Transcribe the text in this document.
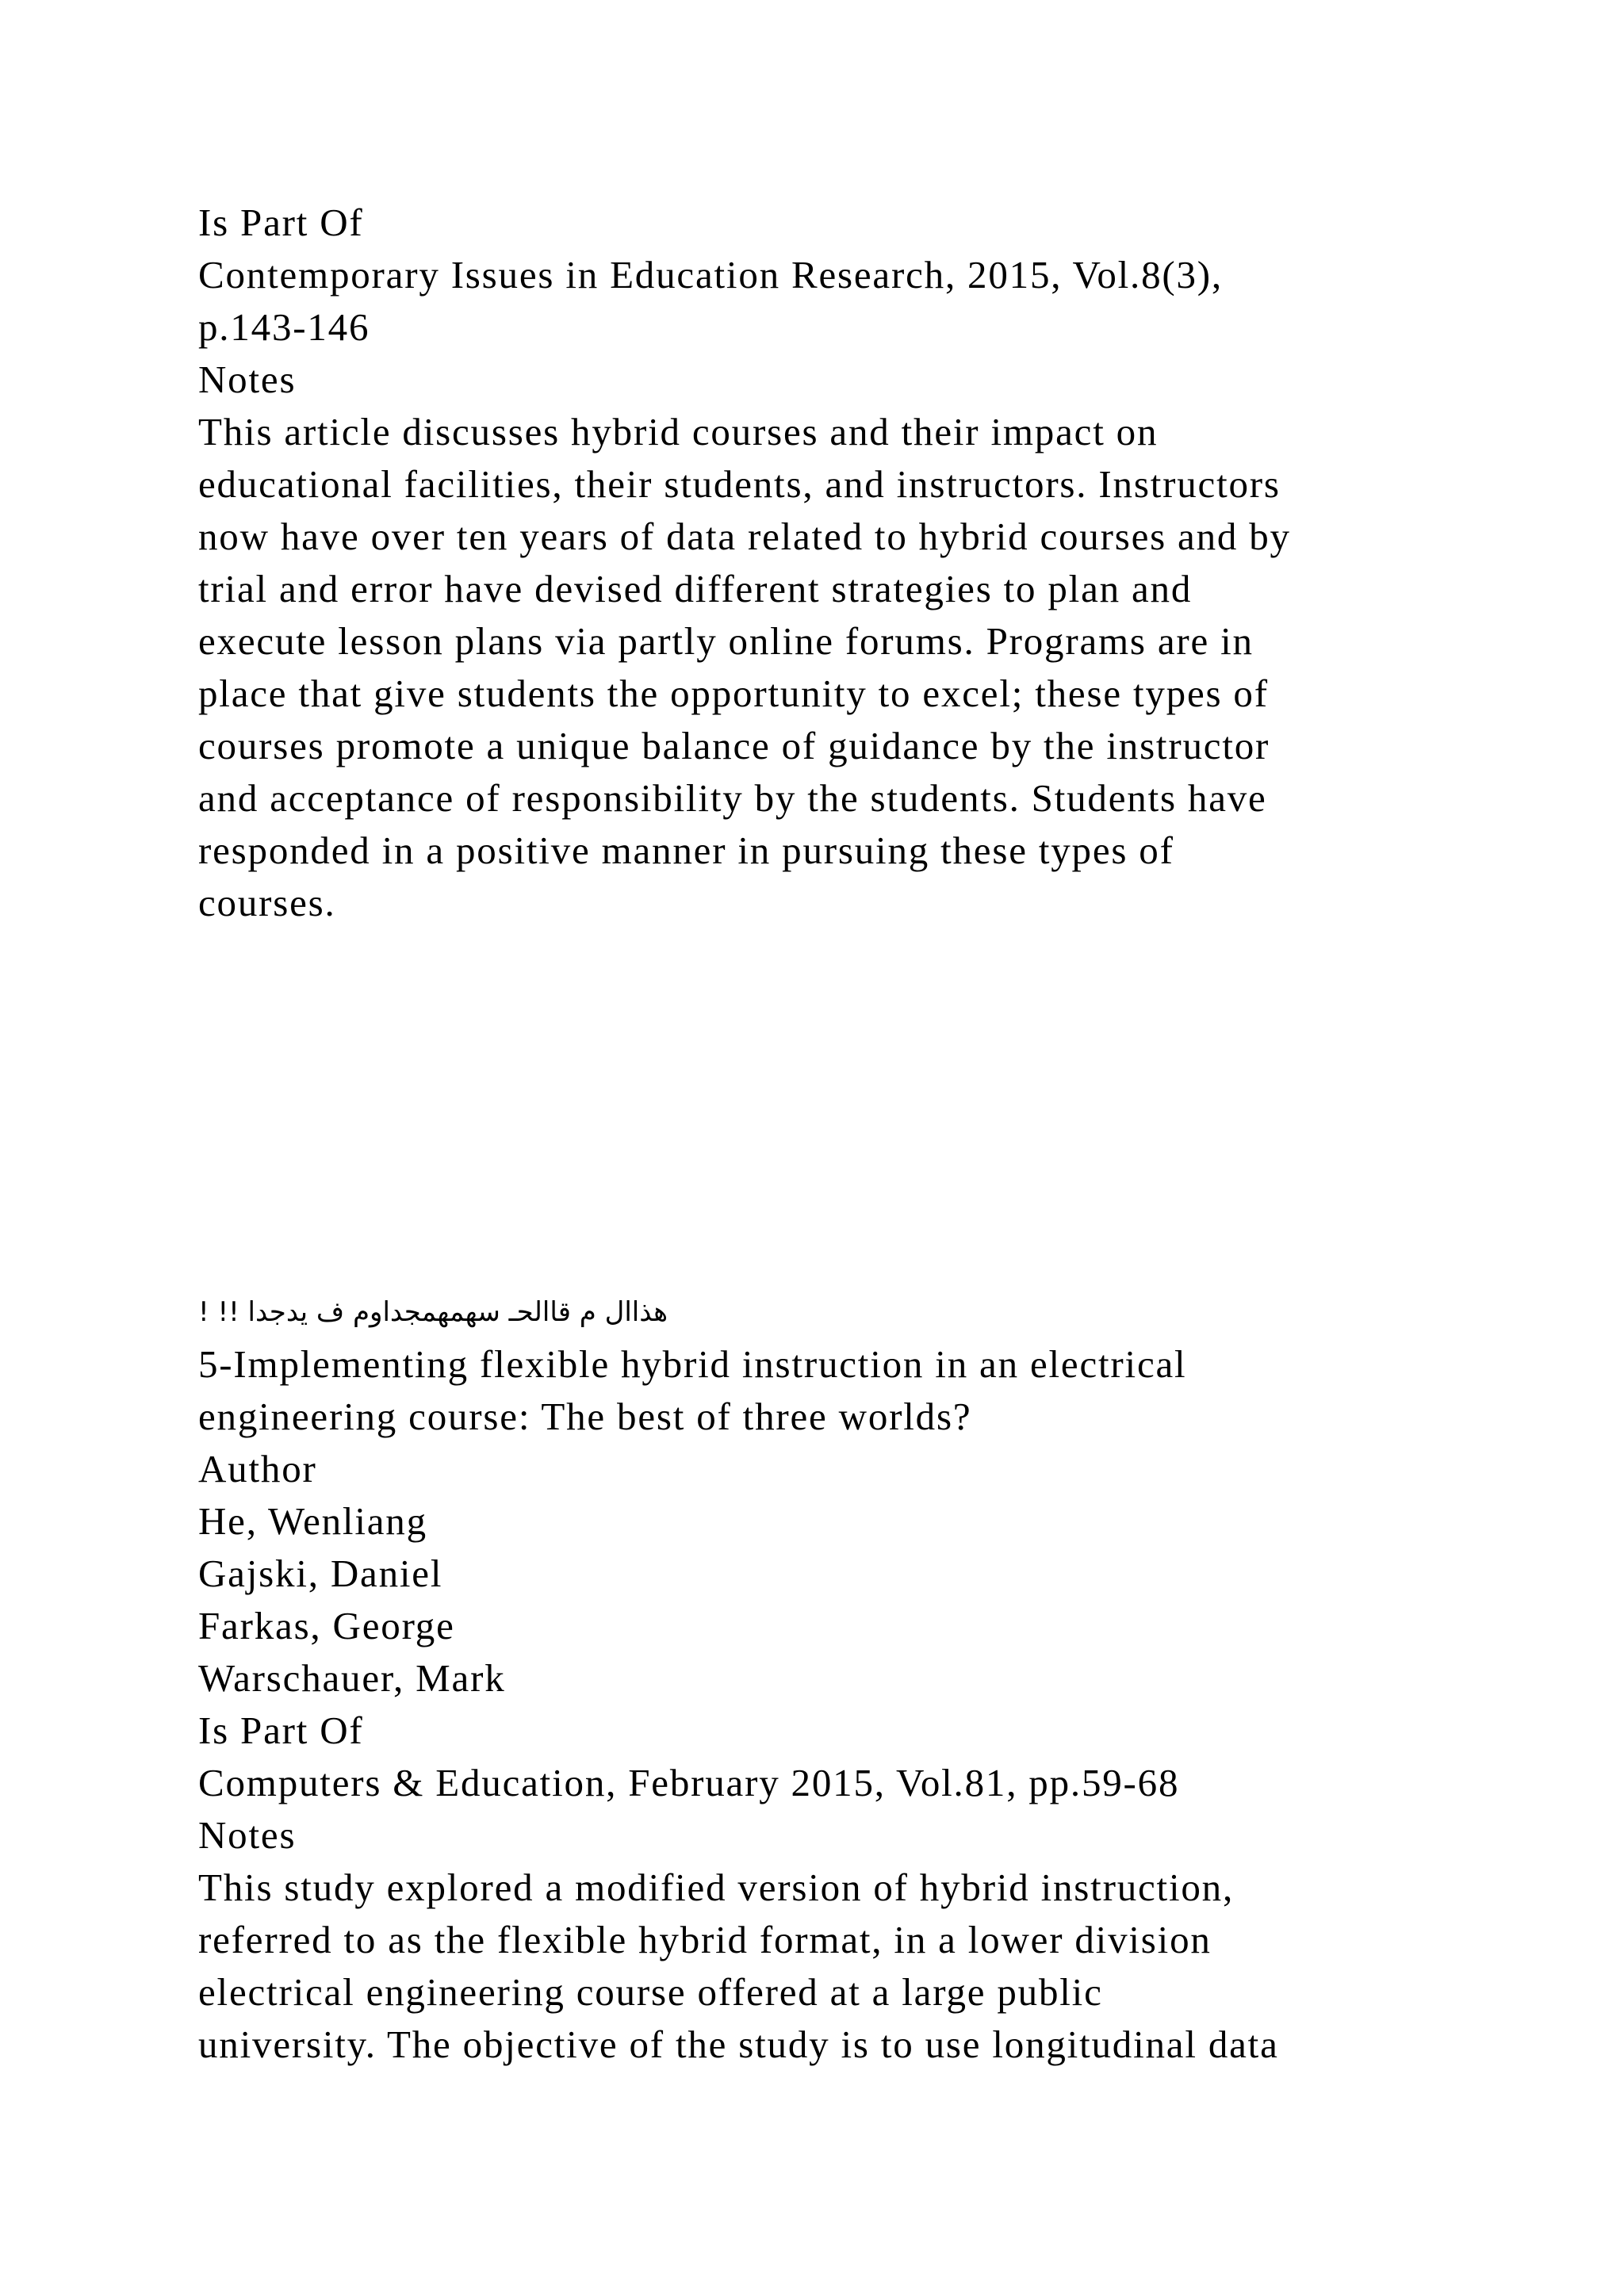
Is Part Of
Contemporary Issues in Education Research, 2015, Vol.8(3),
p.143-146
Notes
This article discusses hybrid courses and their impact on
educational facilities, their students, and instructors. Instructors
now have over ten years of data related to hybrid courses and by
trial and error have devised different strategies to plan and
execute lesson plans via partly online forums. Programs are in
place that give students the opportunity to excel; these types of
courses promote a unique balance of guidance by the instructor
and acceptance of responsibility by the students. Students have
responded in a positive manner in pursuing these types of
courses.
هذاال م قاالحـ سهمهمجداوم ف يدجدا !! !
5-Implementing flexible hybrid instruction in an electrical
engineering course: The best of three worlds?
Author
He, Wenliang
Gajski, Daniel
Farkas, George
Warschauer, Mark
Is Part Of
Computers & Education, February 2015, Vol.81, pp.59-68
Notes
This study explored a modified version of hybrid instruction,
referred to as the flexible hybrid format, in a lower division
electrical engineering course offered at a large public
university. The objective of the study is to use longitudinal data
